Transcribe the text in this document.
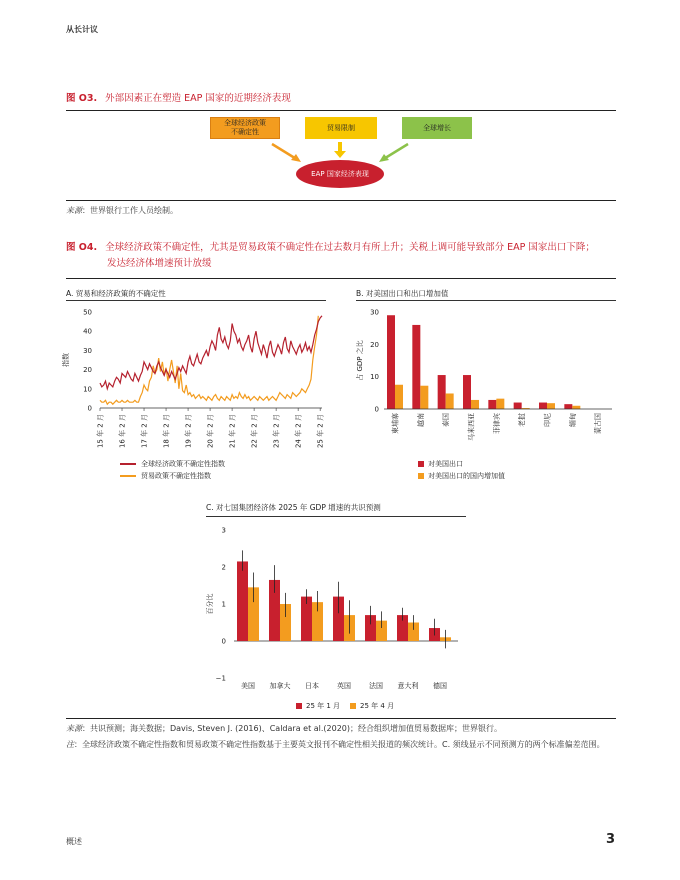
从长计议
图 O3. 外部因素正在塑造 EAP 国家的近期经济表现
全球经济政策
不确定性
贸易限制	全球增长
EAP 国家经济表现
来源：世界银行工作人员绘制。
图 O4. 全球经济政策不确定性，尤其是贸易政策不确定性在过去数月有所上升；关税上调可能导致部分 EAP 国家出口下降；
发达经济体增速预计放缓
A. 贸易和经济政策的不确定性
指数
0
10
20
30
40
50
15 年 2 月 16 年 2 月 17 年 2 月 18 年 2 月 19 年 2 月 20 年 2 月 21 年 2 月 22 年 2 月 23 年 2 月 24 年 2 月 25 年 2 月
全球经济政策不确定性指数
贸易政策不确定性指数
B. 对美国出口和出口增加值
占 GDP 之比
0
10
20
30
柬埔寨 越南 泰国 马来西亚 菲律宾 老挝 印尼 缅甸 蒙古国
对美国出口
对美国出口的国内增加值
C. 对七国集团经济体 2025 年 GDP 增速的共识预测
百分比
−1
0
1
2
3
美国 加拿大 日本	英国	法国 意大利 德国
25 年 1 月	25 年 4 月
来源：共识预测；海关数据；Davis, Steven J. (2016)、Caldara et al.(2020)；经合组织增加值贸易数据库；世界银行。
注：全球经济政策不确定性指数和贸易政策不确定性指数基于主要英文报刊不确定性相关报道的频次统计。C. 须线显示不同预测方的两个标准偏差范围。
概述	3
